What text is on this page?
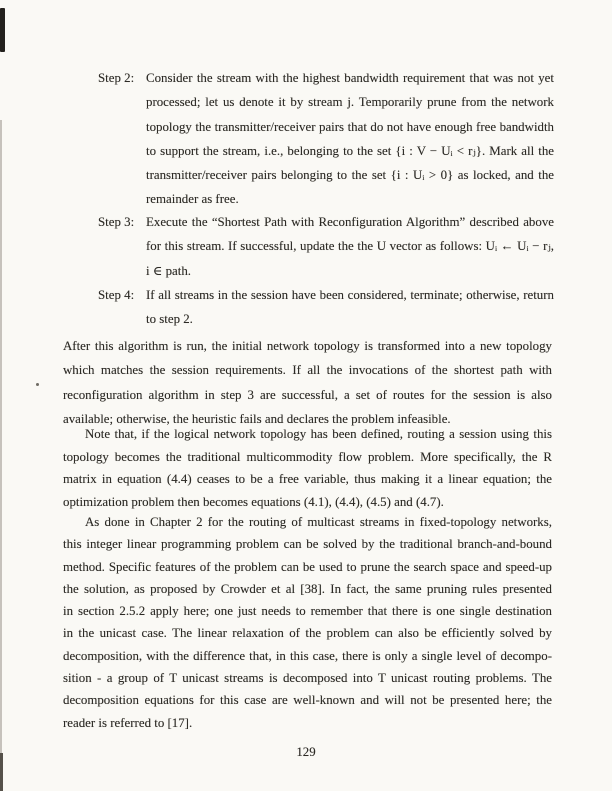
Step 2: Consider the stream with the highest bandwidth requirement that was not yet
processed; let us denote it by stream j. Temporarily prune from the network
topology the transmitter/receiver pairs that do not have enough free bandwidth
to support the stream, i.e., belonging to the set {i : V − Uᵢ < rⱼ}. Mark all the
transmitter/receiver pairs belonging to the set {i : Uᵢ > 0} as locked, and the
remainder as free.
Step 3: Execute the “Shortest Path with Reconfiguration Algorithm” described above
for this stream. If successful, update the the U vector as follows: Uᵢ ← Uᵢ − rⱼ,
i ∈ path.
Step 4: If all streams in the session have been considered, terminate; otherwise, return
to step 2.
After this algorithm is run, the initial network topology is transformed into a new topology
which matches the session requirements. If all the invocations of the shortest path with
reconfiguration algorithm in step 3 are successful, a set of routes for the session is also
available; otherwise, the heuristic fails and declares the problem infeasible.
Note that, if the logical network topology has been defined, routing a session using this
topology becomes the traditional multicommodity flow problem. More specifically, the R
matrix in equation (4.4) ceases to be a free variable, thus making it a linear equation; the
optimization problem then becomes equations (4.1), (4.4), (4.5) and (4.7).
As done in Chapter 2 for the routing of multicast streams in fixed-topology networks,
this integer linear programming problem can be solved by the traditional branch-and-bound
method. Specific features of the problem can be used to prune the search space and speed-up
the solution, as proposed by Crowder et al [38]. In fact, the same pruning rules presented
in section 2.5.2 apply here; one just needs to remember that there is one single destination
in the unicast case. The linear relaxation of the problem can also be efficiently solved by
decomposition, with the difference that, in this case, there is only a single level of decompo-
sition - a group of T unicast streams is decomposed into T unicast routing problems. The
decomposition equations for this case are well-known and will not be presented here; the
reader is referred to [17].
129
